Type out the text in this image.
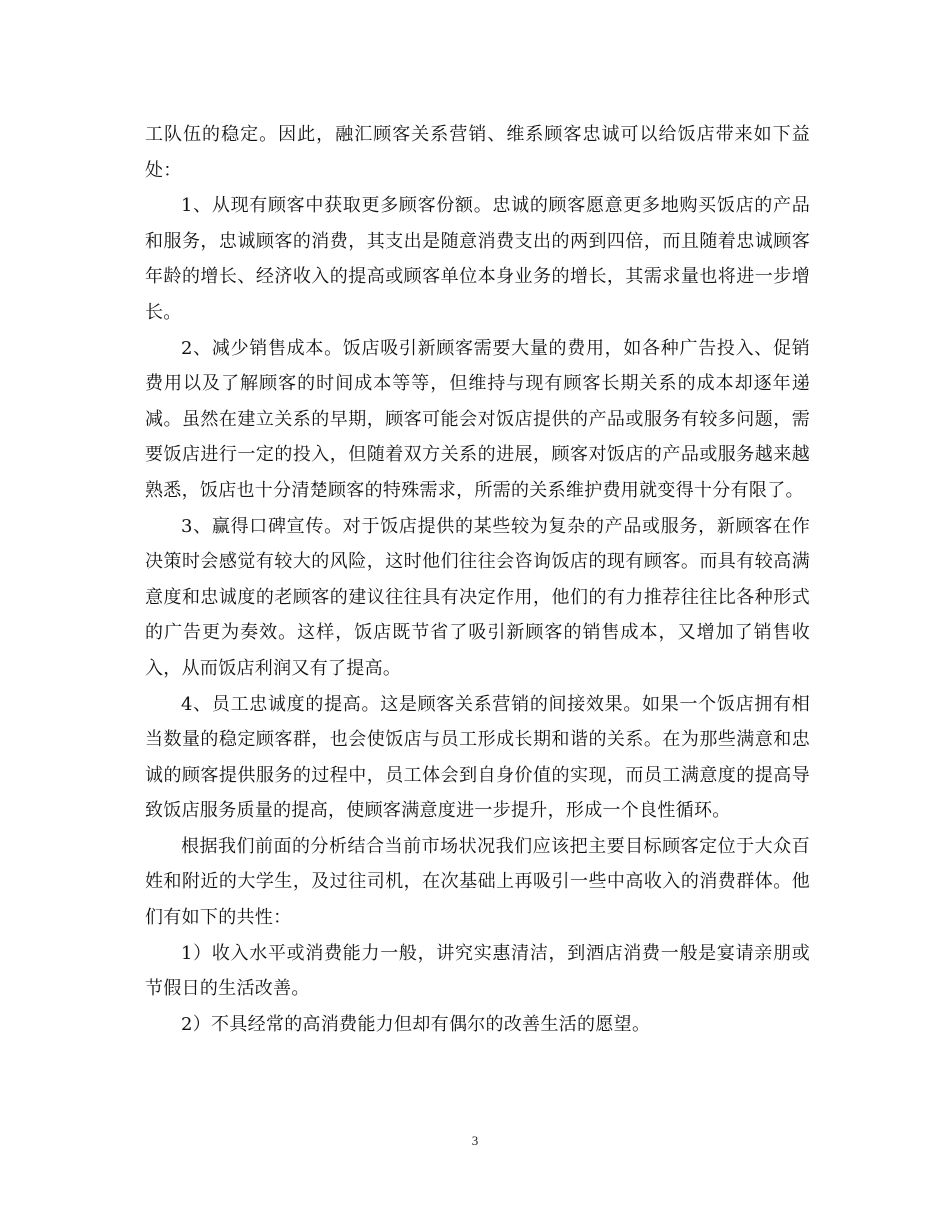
工队伍的稳定。因此，融汇顾客关系营销、维系顾客忠诚可以给饭店带来如下益处：

1、从现有顾客中获取更多顾客份额。忠诚的顾客愿意更多地购买饭店的产品和服务，忠诚顾客的消费，其支出是随意消费支出的两到四倍，而且随着忠诚顾客年龄的增长、经济收入的提高或顾客单位本身业务的增长，其需求量也将进一步增长。

2、减少销售成本。饭店吸引新顾客需要大量的费用，如各种广告投入、促销费用以及了解顾客的时间成本等等，但维持与现有顾客长期关系的成本却逐年递减。虽然在建立关系的早期，顾客可能会对饭店提供的产品或服务有较多问题，需要饭店进行一定的投入，但随着双方关系的进展，顾客对饭店的产品或服务越来越熟悉，饭店也十分清楚顾客的特殊需求，所需的关系维护费用就变得十分有限了。

3、赢得口碑宣传。对于饭店提供的某些较为复杂的产品或服务，新顾客在作决策时会感觉有较大的风险，这时他们往往会咨询饭店的现有顾客。而具有较高满意度和忠诚度的老顾客的建议往往具有决定作用，他们的有力推荐往往比各种形式的广告更为奏效。这样，饭店既节省了吸引新顾客的销售成本，又增加了销售收入，从而饭店利润又有了提高。

4、员工忠诚度的提高。这是顾客关系营销的间接效果。如果一个饭店拥有相当数量的稳定顾客群，也会使饭店与员工形成长期和谐的关系。在为那些满意和忠诚的顾客提供服务的过程中，员工体会到自身价值的实现，而员工满意度的提高导致饭店服务质量的提高，使顾客满意度进一步提升，形成一个良性循环。

根据我们前面的分析结合当前市场状况我们应该把主要目标顾客定位于大众百姓和附近的大学生，及过往司机，在次基础上再吸引一些中高收入的消费群体。他们有如下的共性：

1）收入水平或消费能力一般，讲究实惠清洁，到酒店消费一般是宴请亲朋或节假日的生活改善。

2）不具经常的高消费能力但却有偶尔的改善生活的愿望。

3
